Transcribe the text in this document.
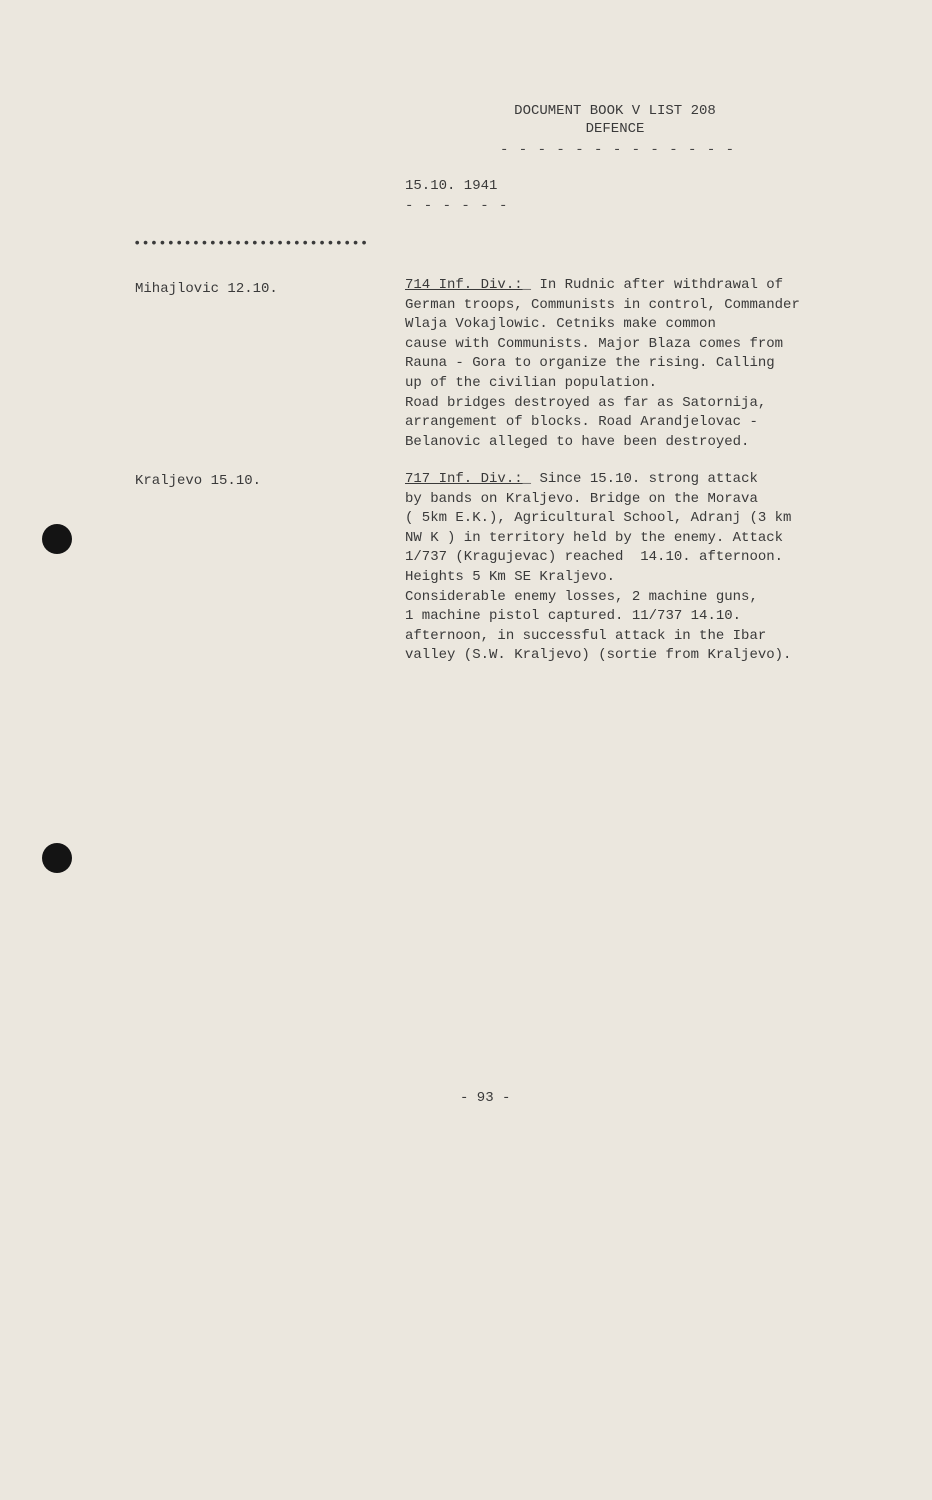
DOCUMENT BOOK V LIST 208
DEFENCE
- - - - - - - - - - - - -
15.10. 1941
- - - - - -
••••••••••••••••••••••••••••
Mihajlovic 12.10.	714 Inf. Div.:_ In Rudnic after withdrawal of
German troops, Communists in control, Commander
Wlaja Vokajlowic. Cetniks make common
cause with Communists. Major Blaza comes from
Rauna - Gora to organize the rising. Calling
up of the civilian population.
Road bridges destroyed as far as Satornija,
arrangement of blocks. Road Arandjelovac -
Belanovic alleged to have been destroyed.
Kraljevo 15.10.	717 Inf. Div.:_ Since 15.10. strong attack
by bands on Kraljevo. Bridge on the Morava
( 5km E.K.), Agricultural School, Adranj (3 km
NW K ) in territory held by the enemy. Attack
1/737 (Kragujevac) reached  14.10. afternoon.
Heights 5 Km SE Kraljevo.
Considerable enemy losses, 2 machine guns,
1 machine pistol captured. 11/737 14.10.
afternoon, in successful attack in the Ibar
valley (S.W. Kraljevo) (sortie from Kraljevo).
- 93 -
